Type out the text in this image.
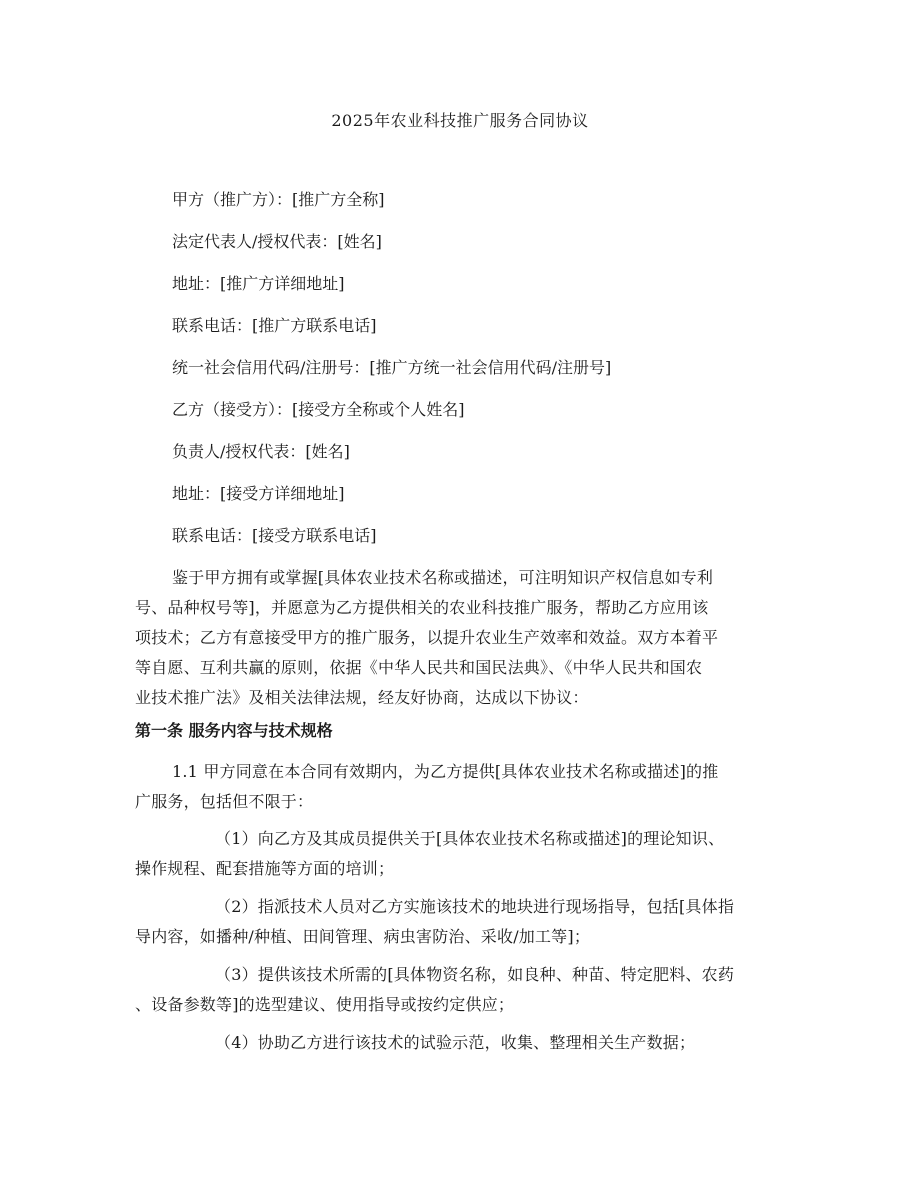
2025年农业科技推广服务合同协议
甲方（推广方）：[推广方全称]
法定代表人/授权代表：[姓名]
地址：[推广方详细地址]
联系电话：[推广方联系电话]
统一社会信用代码/注册号：[推广方统一社会信用代码/注册号]
乙方（接受方）：[接受方全称或个人姓名]
负责人/授权代表：[姓名]
地址：[接受方详细地址]
联系电话：[接受方联系电话]
鉴于甲方拥有或掌握[具体农业技术名称或描述，可注明知识产权信息如专利
号、品种权号等]，并愿意为乙方提供相关的农业科技推广服务，帮助乙方应用该
项技术；乙方有意接受甲方的推广服务，以提升农业生产效率和效益。双方本着平
等自愿、互利共赢的原则，依据《中华人民共和国民法典》、《中华人民共和国农
业技术推广法》及相关法律法规，经友好协商，达成以下协议：
第一条 服务内容与技术规格
1.1 甲方同意在本合同有效期内，为乙方提供[具体农业技术名称或描述]的推
广服务，包括但不限于：
（1）向乙方及其成员提供关于[具体农业技术名称或描述]的理论知识、
操作规程、配套措施等方面的培训；
（2）指派技术人员对乙方实施该技术的地块进行现场指导，包括[具体指
导内容，如播种/种植、田间管理、病虫害防治、采收/加工等]；
（3）提供该技术所需的[具体物资名称，如良种、种苗、特定肥料、农药
、设备参数等]的选型建议、使用指导或按约定供应；
（4）协助乙方进行该技术的试验示范，收集、整理相关生产数据；
